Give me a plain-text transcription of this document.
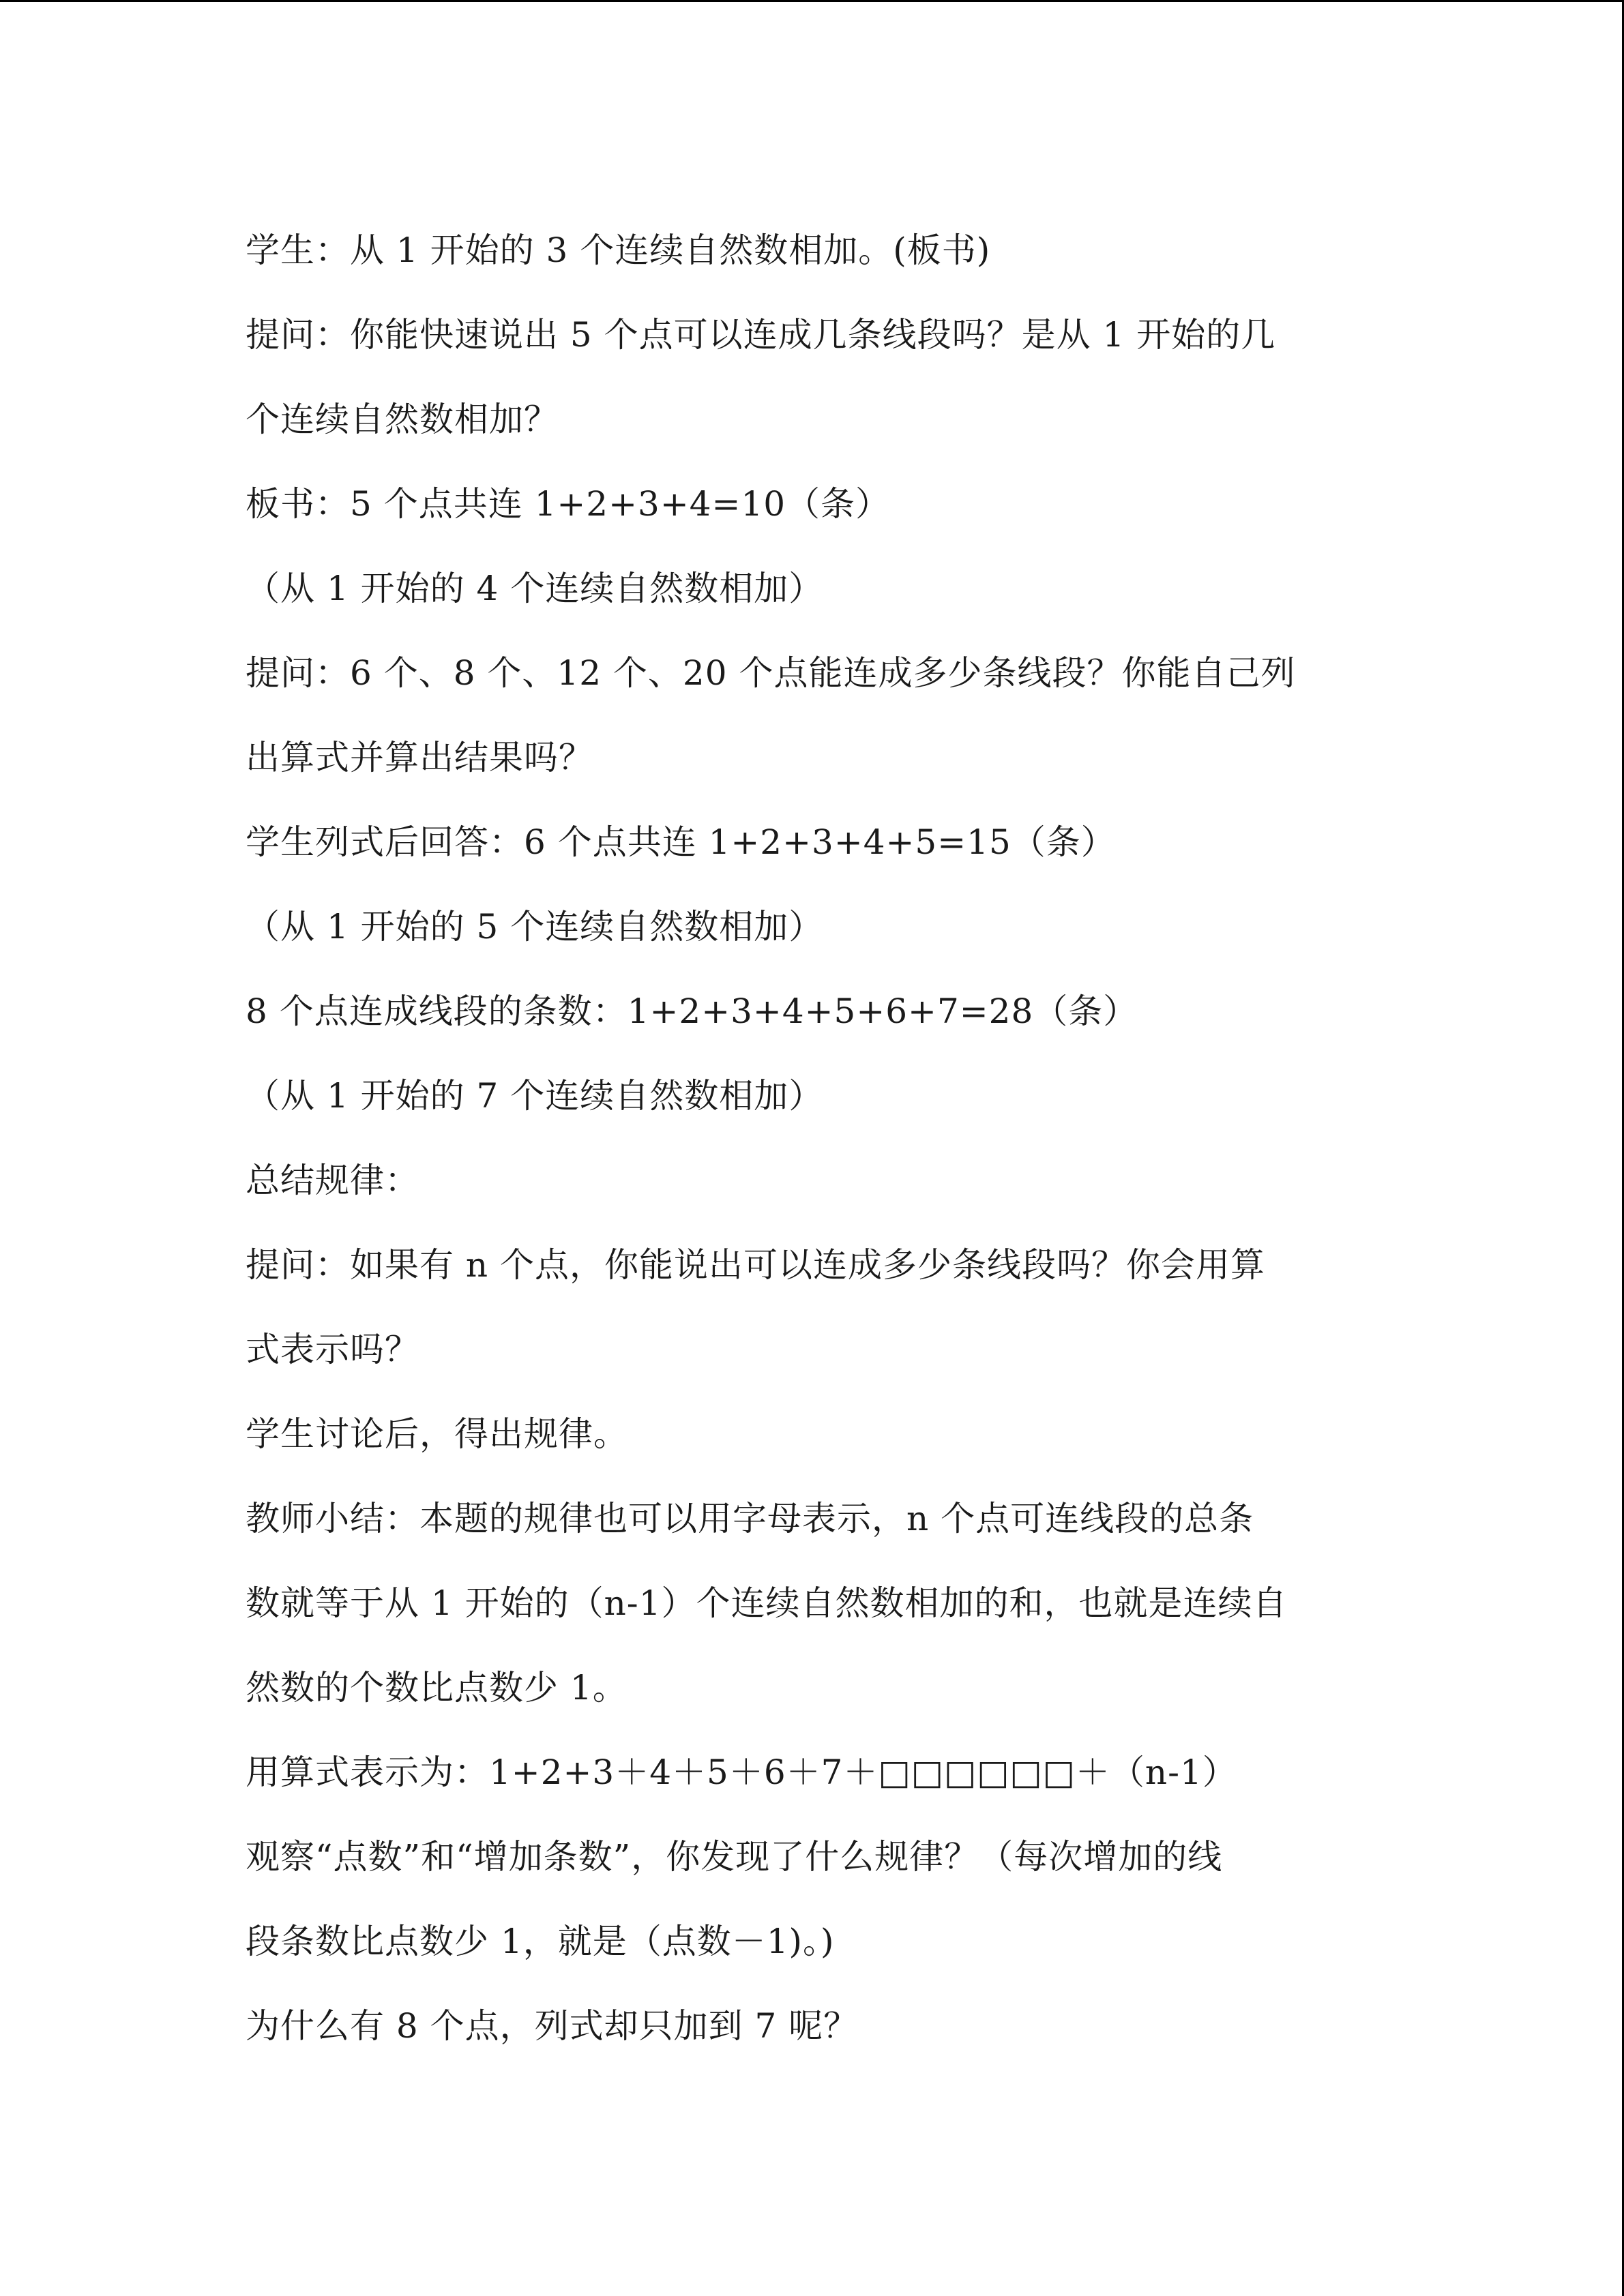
学生：从 1 开始的 3 个连续自然数相加。(板书)
提问：你能快速说出 5 个点可以连成几条线段吗？是从 1 开始的几
个连续自然数相加？
板书：5 个点共连 1+2+3+4=10（条）
（从 1 开始的 4 个连续自然数相加）
提问：6 个、8 个、12 个、20 个点能连成多少条线段？你能自己列
出算式并算出结果吗？
学生列式后回答：6 个点共连 1+2+3+4+5=15（条）
（从 1 开始的 5 个连续自然数相加）
8 个点连成线段的条数：1+2+3+4+5+6+7=28（条）
（从 1 开始的 7 个连续自然数相加）
总结规律：
提问：如果有 n 个点，你能说出可以连成多少条线段吗？你会用算
式表示吗？
学生讨论后，得出规律。
教师小结：本题的规律也可以用字母表示，n 个点可连线段的总条
数就等于从 1 开始的（n-1）个连续自然数相加的和，也就是连续自
然数的个数比点数少 1。
用算式表示为：1+2+3＋4＋5＋6＋7＋□□□□□□＋（n-1）
观察“点数”和“增加条数”，你发现了什么规律？（每次增加的线
段条数比点数少 1，就是（点数－1)。)
为什么有 8 个点，列式却只加到 7 呢？
